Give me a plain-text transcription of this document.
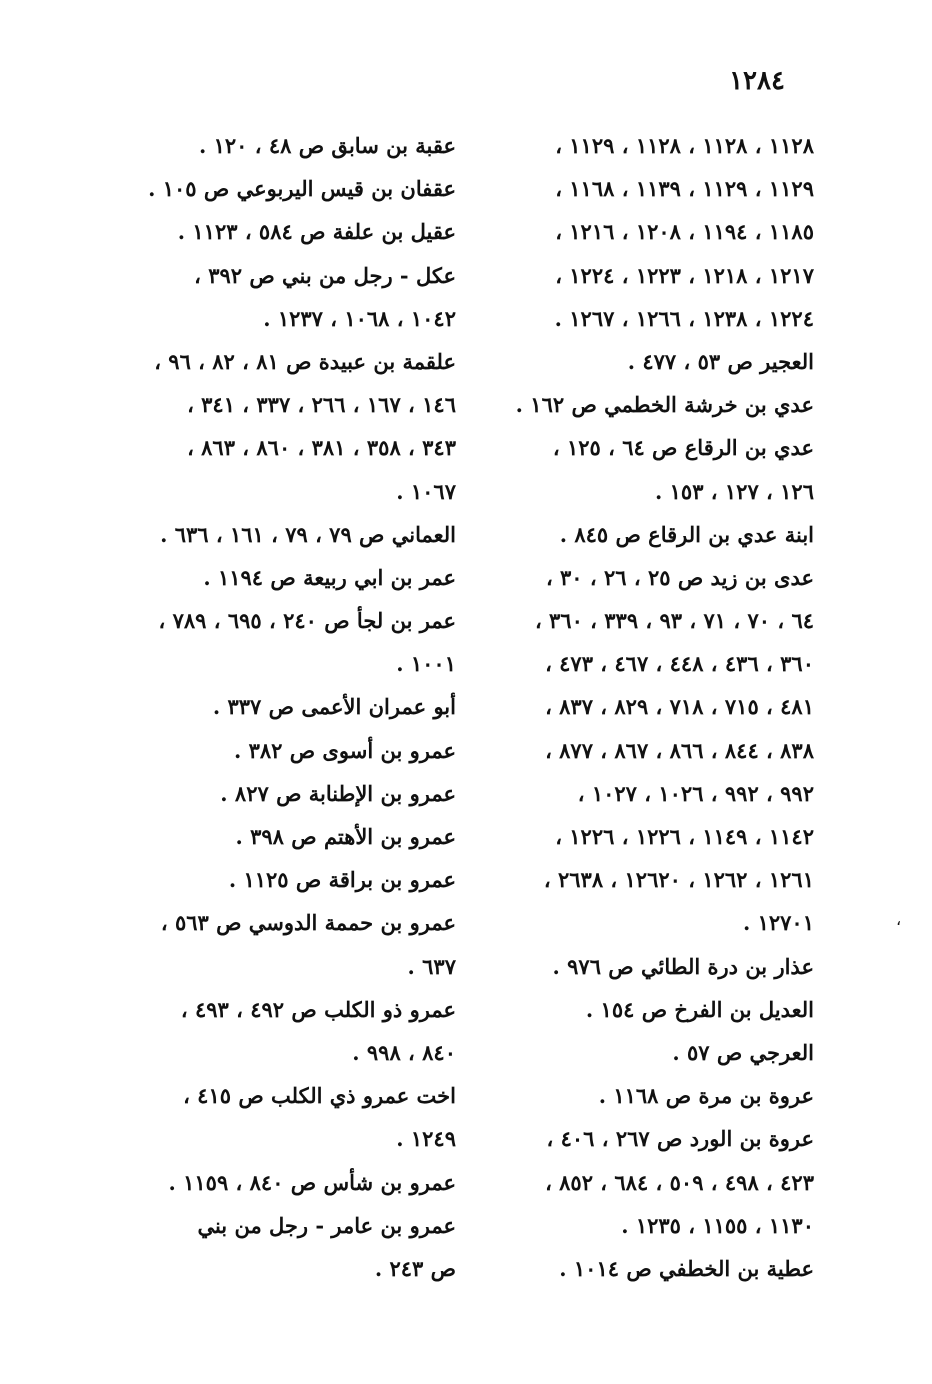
١٢٨٤
١١٢٨ ، ١١٢٨ ، ١١٢٨ ، ١١٢٩ ،
١١٢٩ ، ١١٢٩ ، ١١٣٩ ، ١١٦٨ ،
١١٨٥ ، ١١٩٤ ، ١٢٠٨ ، ١٢١٦ ،
١٢١٧ ، ١٢١٨ ، ١٢٢٣ ، ١٢٢٤ ،
١٢٢٤ ، ١٢٣٨ ، ١٢٦٦ ، ١٢٦٧ .
العجير ص ٥٣ ، ٤٧٧ .
عدي بن خرشة الخطمي ص ١٦٢ .
عدي بن الرقاع ص ٦٤ ، ١٢٥ ،
١٢٦ ، ١٢٧ ، ١٥٣ .
ابنة عدي بن الرقاع ص ٨٤٥ .
عدى بن زيد ص ٢٥ ، ٢٦ ، ٣٠ ،
٦٤ ، ٧٠ ، ٧١ ، ٩٣ ، ٣٣٩ ، ٣٦٠ ،
٣٦٠ ، ٤٣٦ ، ٤٤٨ ، ٤٦٧ ، ٤٧٣ ،
٤٨١ ، ٧١٥ ، ٧١٨ ، ٨٢٩ ، ٨٣٧ ،
٨٣٨ ، ٨٤٤ ، ٨٦٦ ، ٨٦٧ ، ٨٧٧ ،
٩٩٢ ، ٩٩٢ ، ١٠٢٦ ، ١٠٢٧ ،
١١٤٢ ، ١١٤٩ ، ١٢٢٦ ، ١٢٢٦ ،
١٢٦١ ، ١٢٦٢ ، ١٢٦٢٠ ، ٢٦٣٨ ،
١٢٧٠١ .
عذار بن درة الطائي ص ٩٧٦ .
العديل بن الفرخ ص ١٥٤ .
العرجي ص ٥٧ .
عروة بن مرة ص ١١٦٨ .
عروة بن الورد ص ٢٦٧ ، ٤٠٦ ،
٤٢٣ ، ٤٩٨ ، ٥٠٩ ، ٦٨٤ ، ٨٥٢ ،
١١٣٠ ، ١١٥٥ ، ١٢٣٥ .
عطية بن الخطفي ص ١٠١٤ .
عقبة بن سابق ص ٤٨ ، ١٢٠ .
عقفان بن قيس اليربوعي ص ١٠٥ .
عقيل بن علفة ص ٥٨٤ ، ١١٢٣ .
عكل - رجل من بني ص ٣٩٢ ،
١٠٤٢ ، ١٠٦٨ ، ١٢٣٧ .
علقمة بن عبيدة ص ٨١ ، ٨٢ ، ٩٦ ،
١٤٦ ، ١٦٧ ، ٢٦٦ ، ٣٣٧ ، ٣٤١ ،
٣٤٣ ، ٣٥٨ ، ٣٨١ ، ٨٦٠ ، ٨٦٣ ،
١٠٦٧ .
العماني ص ٧٩ ، ٧٩ ، ١٦١ ، ٦٣٦ .
عمر بن ابي ربيعة ص ١١٩٤ .
عمر بن لجأ ص ٢٤٠ ، ٦٩٥ ، ٧٨٩ ،
١٠٠١ .
أبو عمران الأعمى ص ٣٣٧ .
عمرو بن أسوى ص ٣٨٢ .
عمرو بن الإطنابة ص ٨٢٧ .
عمرو بن الأهتم ص ٣٩٨ .
عمرو بن براقة ص ١١٢٥ .
عمرو بن حممة الدوسي ص ٥٦٣ ،
٦٣٧ .
عمرو ذو الكلب ص ٤٩٢ ، ٤٩٣ ،
٨٤٠ ، ٩٩٨ .
اخت عمرو ذي الكلب ص ٤١٥ ،
١٢٤٩ .
عمرو بن شأس ص ٨٤٠ ، ١١٥٩ .
عمرو بن عامر - رجل من بني
ص ٢٤٣ .
،
